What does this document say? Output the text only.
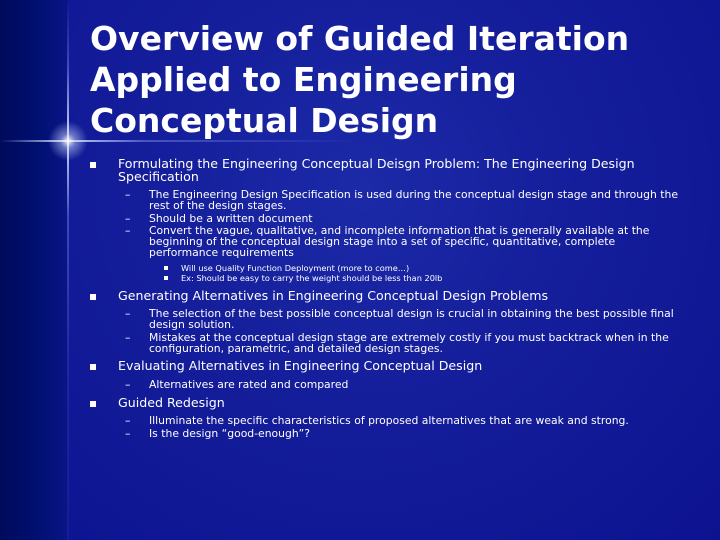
Overview of Guided Iteration
Applied to Engineering
Conceptual Design
Formulating the Engineering Conceptual Deisgn Problem: The Engineering Design Specification
– The Engineering Design Specification is used during the conceptual design stage and through the rest of the design stages.
– Should be a written document
– Convert the vague, qualitative, and incomplete information that is generally available at the beginning of the conceptual design stage into a set of specific, quantitative, complete performance requirements
Will use Quality Function Deployment (more to come…)
Ex: Should be easy to carry the weight should be less than 20lb
Generating Alternatives in Engineering Conceptual Design Problems
– The selection of the best possible conceptual design is crucial in obtaining the best possible final design solution.
– Mistakes at the conceptual design stage are extremely costly if you must backtrack when in the configuration, parametric, and detailed design stages.
Evaluating Alternatives in Engineering Conceptual Design
– Alternatives are rated and compared
Guided Redesign
– Illuminate the specific characteristics of proposed alternatives that are weak and strong.
– Is the design “good-enough”?
